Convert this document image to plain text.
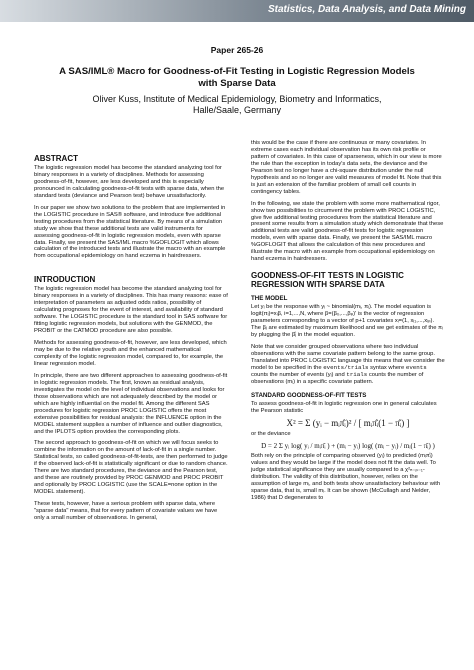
Statistics, Data Analysis, and Data Mining
Paper 265-26
A SAS/IML® Macro for Goodness-of-Fit Testing in Logistic Regression Models with Sparse Data
Oliver Kuss, Institute of Medical Epidemiology, Biometry and Informatics,
Halle/Saale, Germany
ABSTRACT

The logistic regression model has become the standard analyzing tool for binary responses in a variety of disciplines. Methods for assessing goodness-of-fit, however, are less developed and this is especially pronounced in calculating goodness-of-fit tests with sparse data, when the standard tests (deviance and Pearson test) behave unsatisfactorily.

In our paper we show two solutions to the problem that are implemented in the LOGISTIC procedure in SAS® software, and introduce five additional testing procedures from the statistical literature. By means of a simulation study we show that these additional tests are valid instruments for assessing goodness-of-fit in logistic regression models, even with sparse data. Finally, we present the SAS/IML macro %GOFLOGIT which allows calculation of the introduced tests and illustrate the macro with an example from occupational epidemiology on hand eczema in hairdressers.

INTRODUCTION

The logistic regression model has become the standard analyzing tool for binary responses in a variety of disciplines. This has many reasons: ease of interpretation of parameters as adjusted odds ratios, possibility of calculating prognoses for the event of interest, and availability of standard software. The LOGISTIC procedure is the standard tool in SAS software for fitting logistic regression models, but solutions with the GENMOD, the PROBIT or the CATMOD procedure are also possible.

Methods for assessing goodness-of-fit, however, are less developed, which may be due to the relative youth and the enhanced mathematical complexity of the logistic regression model, compared to, for example, the linear regression model.

In principle, there are two different approaches to assessing goodness-of-fit in logistic regression models. The first, known as residual analysis, investigates the model on the level of individual observations and looks for those observations which are not adequately described by the model or which are highly influential on the model fit. Among the different SAS procedures for logistic regression PROC LOGISTIC offers the most extensive possibilities for residual analysis: the INFLUENCE option in the MODEL statement supplies a number of influence and outlier diagnostics, and the IPLOTS option provides the corresponding plots.

The second approach to goodness-of-fit on which we will focus seeks to combine the information on the amount of lack-of-fit in a single number. Statistical tests, so called goodness-of-fit-tests, are then performed to judge if the observed lack-of-fit is statistically significant or due to random chance. There are two standard procedures, the deviance and the Pearson test, and these are routinely provided by PROC GENMOD and PROC PROBIT and optionally by PROC LOGISTIC (use the SCALE=none option in the MODEL statement).

These tests, however, have a serious problem with sparse data, where "sparse data" means, that for every pattern of covariate values we have only a small number of observations. In general,

this would be the case if there are continuous or many covariates. In extreme cases each individual observation has its own risk profile or pattern of covariates. In this case of sparseness, which in our view is more the rule than the exception in today's data sets, the deviance and the Pearson test no longer have a chi-square distribution under the null hypothesis and so no longer are valid measures of model fit. Note that this is just an extension of the familiar problem of small cell counts in contingency tables.

In the following, we state the problem with some more mathematical rigor, show two possibilities to circumvent the problem with PROC LOGISTIC, give five additional testing procedures from the statistical literature and present some results from a simulation study which demonstrate that these additional tests are valid goodness-of-fit tests for logistic regression models, even with sparse data. Finally, we present the SAS/IML macro %GOFLOGIT that allows the calculation of this new procedures and illustrate the macro with an example from occupational epidemiology on hand eczema in hairdressers.

GOODNESS-OF-FIT TESTS IN LOGISTIC REGRESSION WITH SPARSE DATA
THE MODEL

Let yᵢ be the response with yᵢ ~ binomial(mᵢ, πᵢ). The model equation is logit(πᵢ)=xᵢβ, i=1,...,N, where β=(β₀,...,βₚ)' is the vector of regression parameters corresponding to a vector of p+1 covariates xᵢ=(1, xᵢ₁,...,xᵢₚ). The βⱼ are estimated by maximum likelihood and we get estimates of the πᵢ by plugging the β̂ⱼ in the model equation.

Note that we consider grouped observations where two individual observations with the same covariate pattern belong to the same group. Translated into PROC LOGISTIC language this means that we consider the model to be specified in the events/trials syntax where events counts the number of events (yᵢ) and trials counts the number of observations (mᵢ) in a specific covariate pattern.

STANDARD GOODNESS-OF-FIT TESTS

To assess goodness-of-fit in logistic regression one in general calculates the Pearson statistic

X² = Σ (yᵢ − mᵢπ̂ᵢ)² / [ mᵢπ̂ᵢ(1 − π̂ᵢ) ]

or the deviance

D = 2 Σ yᵢ log( yᵢ / mᵢπ̂ᵢ ) + (mᵢ − yᵢ) log( (mᵢ − yᵢ) / mᵢ(1 − π̂ᵢ) )

Both rely on the principle of comparing observed (yᵢ) to predicted (mᵢπ̂ᵢ) values and they would be large if the model does not fit the data well. To judge statistical significance they are usually compared to a χ²ₙ₋ₚ₋₁-distribution. The validity of this distribution, however, relies on the assumption of large mᵢ, and both tests show unsatisfactory behaviour with sparse data, that is, small mᵢ. It can be shown (McCullagh and Nelder, 1986) that D degenerates to
